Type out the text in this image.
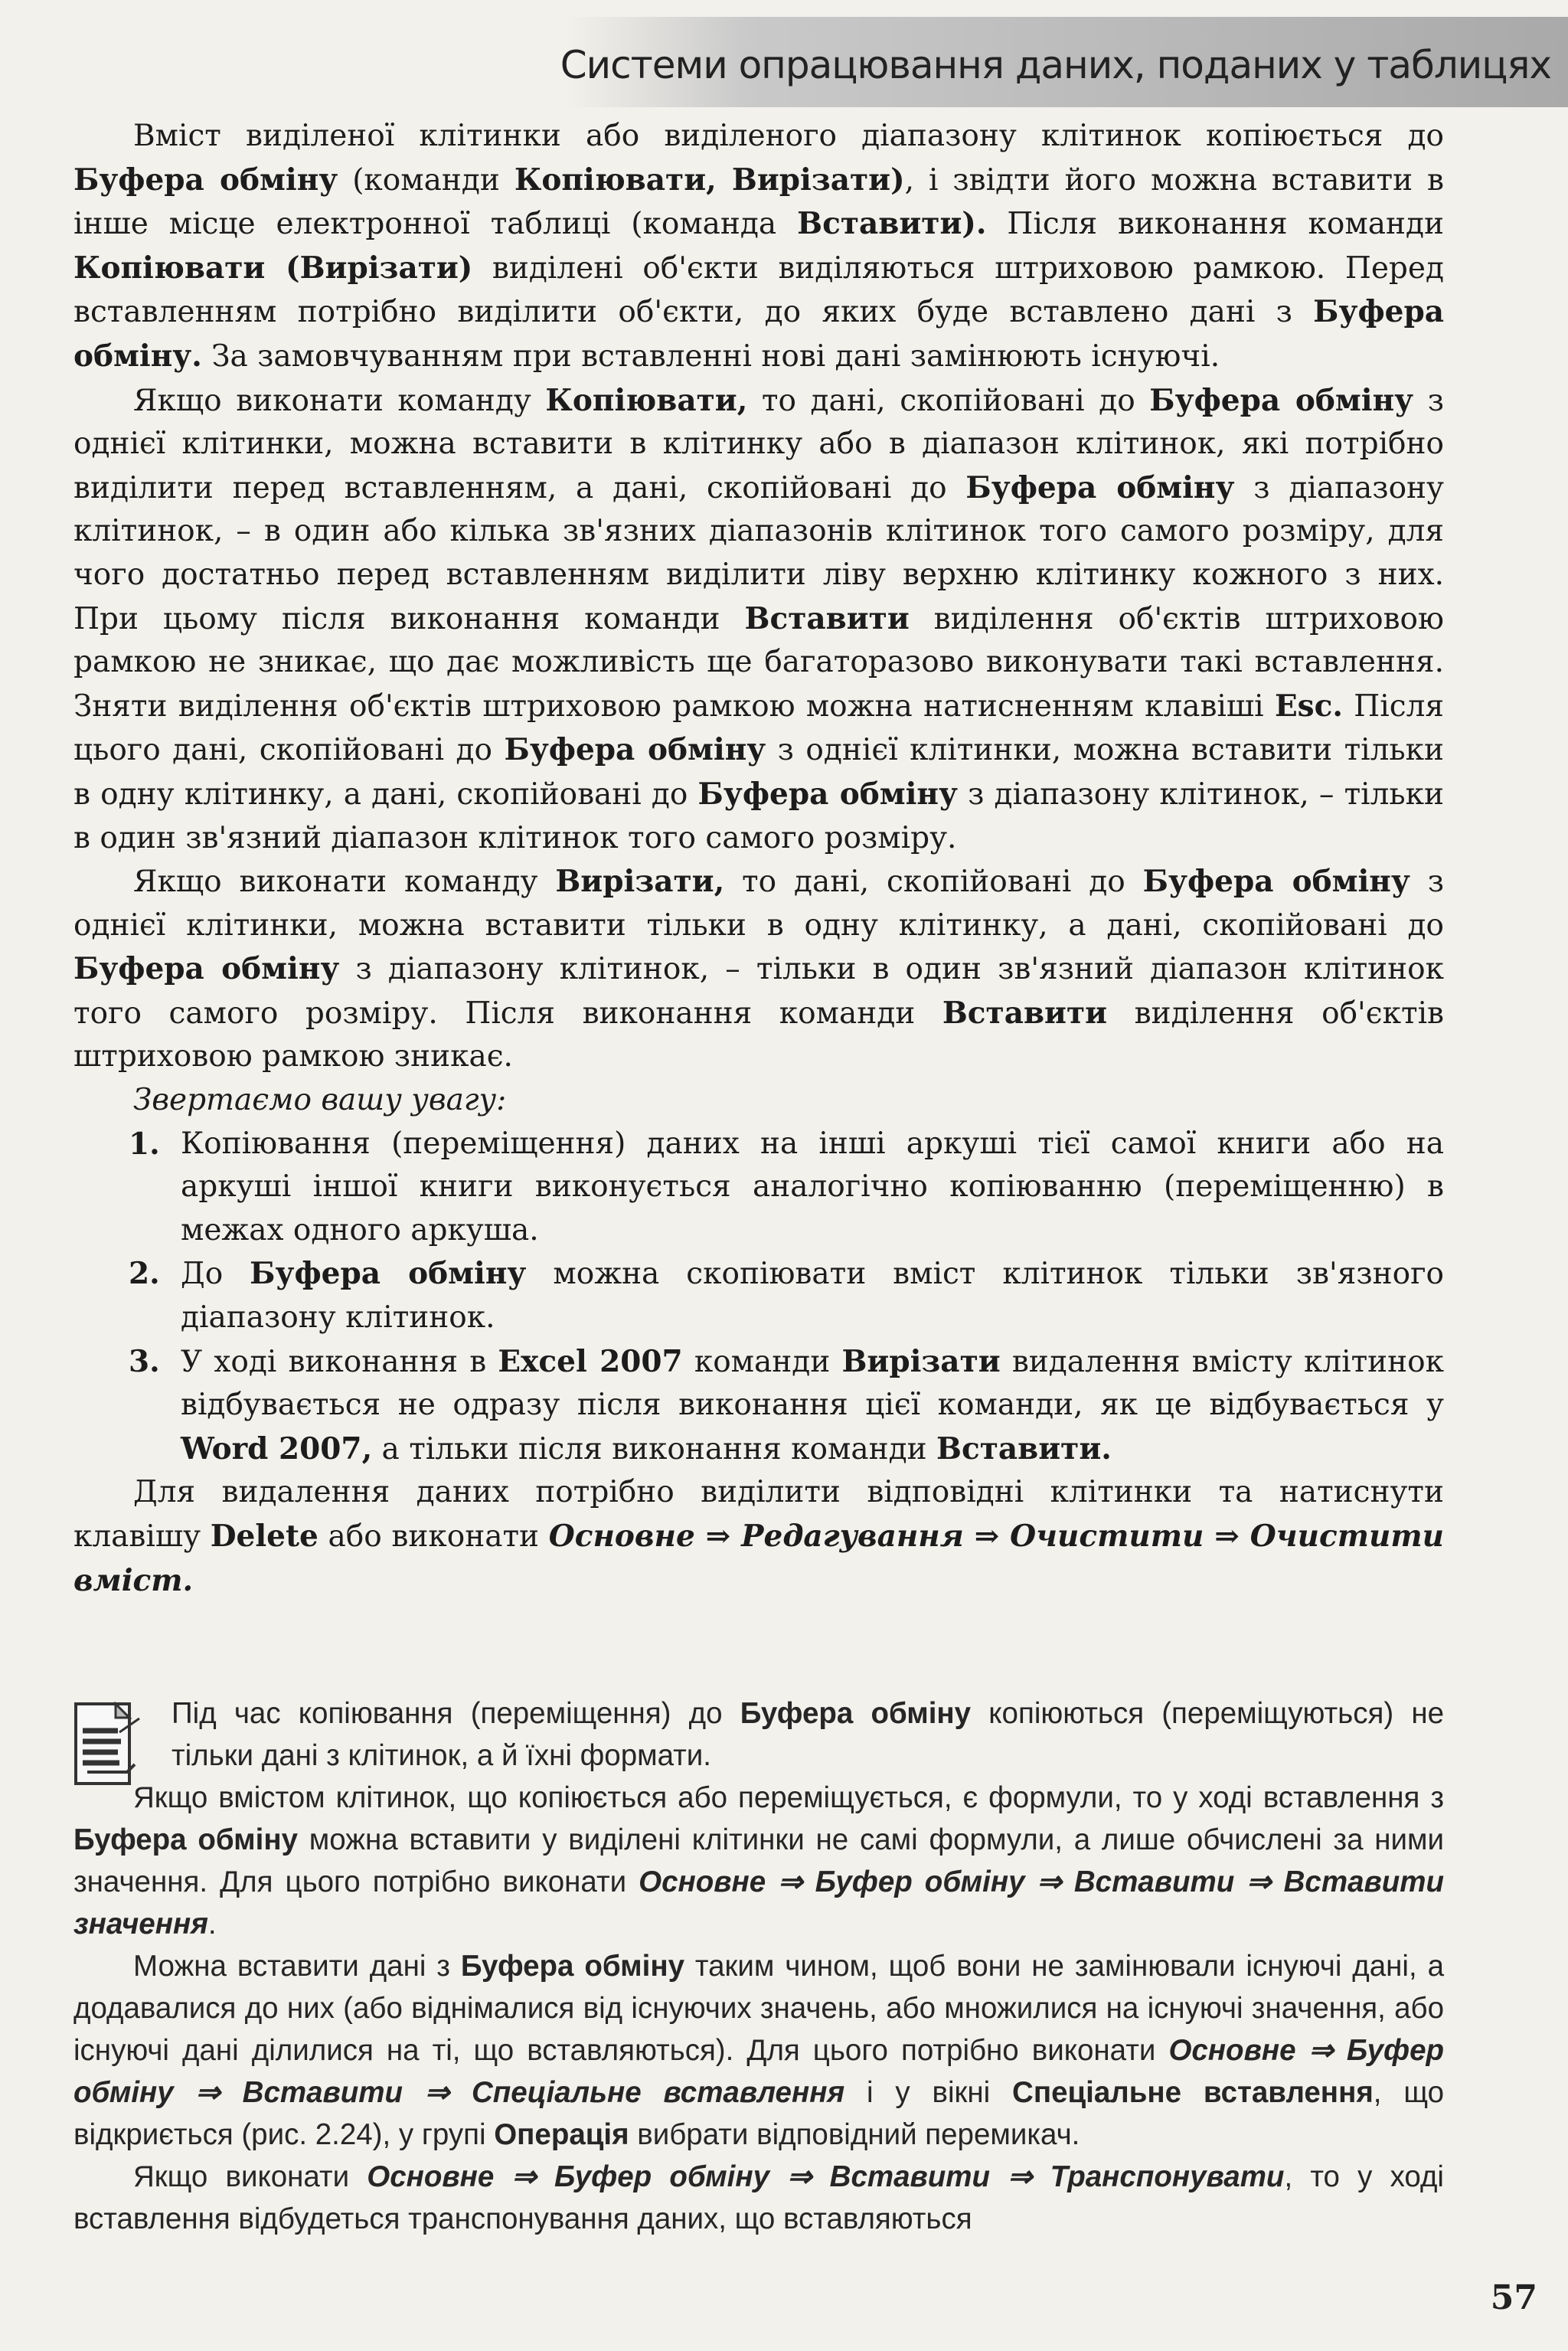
Системи опрацювання даних, поданих у таблицях

Вміст виділеної клітинки або виділеного діапазону клітинок копіюється до Буфера обміну (команди Копіювати, Вирізати), і звідти його можна вставити в інше місце електронної таблиці (команда Вставити). Після виконання команди Копіювати (Вирізати) виділені об'єкти виділяються штриховою рамкою. Перед вставленням потрібно виділити об'єкти, до яких буде вставлено дані з Буфера обміну. За замовчуванням при вставленні нові дані замінюють існуючі.

Якщо виконати команду Копіювати, то дані, скопійовані до Буфера обміну з однієї клітинки, можна вставити в клітинку або в діапазон клітинок, які потрібно виділити перед вставленням, а дані, скопійовані до Буфера обміну з діапазону клітинок, – в один або кілька зв'язних діапазонів клітинок того самого розміру, для чого достатньо перед вставленням виділити ліву верхню клітинку кожного з них. При цьому після виконання команди Вставити виділення об'єктів штриховою рамкою не зникає, що дає можливість ще багаторазово виконувати такі вставлення. Зняти виділення об'єктів штриховою рамкою можна натисненням клавіші Esc. Після цього дані, скопійовані до Буфера обміну з однієї клітинки, можна вставити тільки в одну клітинку, а дані, скопійовані до Буфера обміну з діапазону клітинок, – тільки в один зв'язний діапазон клітинок того самого розміру.

Якщо виконати команду Вирізати, то дані, скопійовані до Буфера обміну з однієї клітинки, можна вставити тільки в одну клітинку, а дані, скопійовані до Буфера обміну з діапазону клітинок, – тільки в один зв'язний діапазон клітинок того самого розміру. Після виконання команди Вставити виділення об'єктів штриховою рамкою зникає.

Звертаємо вашу увагу:

1. Копіювання (переміщення) даних на інші аркуші тієї самої книги або на аркуші іншої книги виконується аналогічно копіюванню (переміщенню) в межах одного аркуша.
2. До Буфера обміну можна скопіювати вміст клітинок тільки зв'язного діапазону клітинок.
3. У ході виконання в Excel 2007 команди Вирізати видалення вмісту клітинок відбувається не одразу після виконання цієї команди, як це відбувається у Word 2007, а тільки після виконання команди Вставити.

Для видалення даних потрібно виділити відповідні клітинки та натиснути клавішу Delete або виконати Основне ⇒ Редагування ⇒ Очистити ⇒ Очистити вміст.

Під час копіювання (переміщення) до Буфера обміну копіюються (переміщуються) не тільки дані з клітинок, а й їхні формати.

Якщо вмістом клітинок, що копіюється або переміщується, є формули, то у ході вставлення з Буфера обміну можна вставити у виділені клітинки не самі формули, а лише обчислені за ними значення. Для цього потрібно виконати Основне ⇒ Буфер обміну ⇒ Вставити ⇒ Вставити значення.

Можна вставити дані з Буфера обміну таким чином, щоб вони не замінювали існуючі дані, а додавалися до них (або віднімалися від існуючих значень, або множилися на існуючі значення, або існуючі дані ділилися на ті, що вставляються). Для цього потрібно виконати Основне ⇒ Буфер обміну ⇒ Вставити ⇒ Спеціальне вставлення і у вікні Спеціальне вставлення, що відкриється (рис. 2.24), у групі Операція вибрати відповідний перемикач.

Якщо виконати Основне ⇒ Буфер обміну ⇒ Вставити ⇒ Транспонувати, то у ході вставлення відбудеться транспонування даних, що вставляються

57
